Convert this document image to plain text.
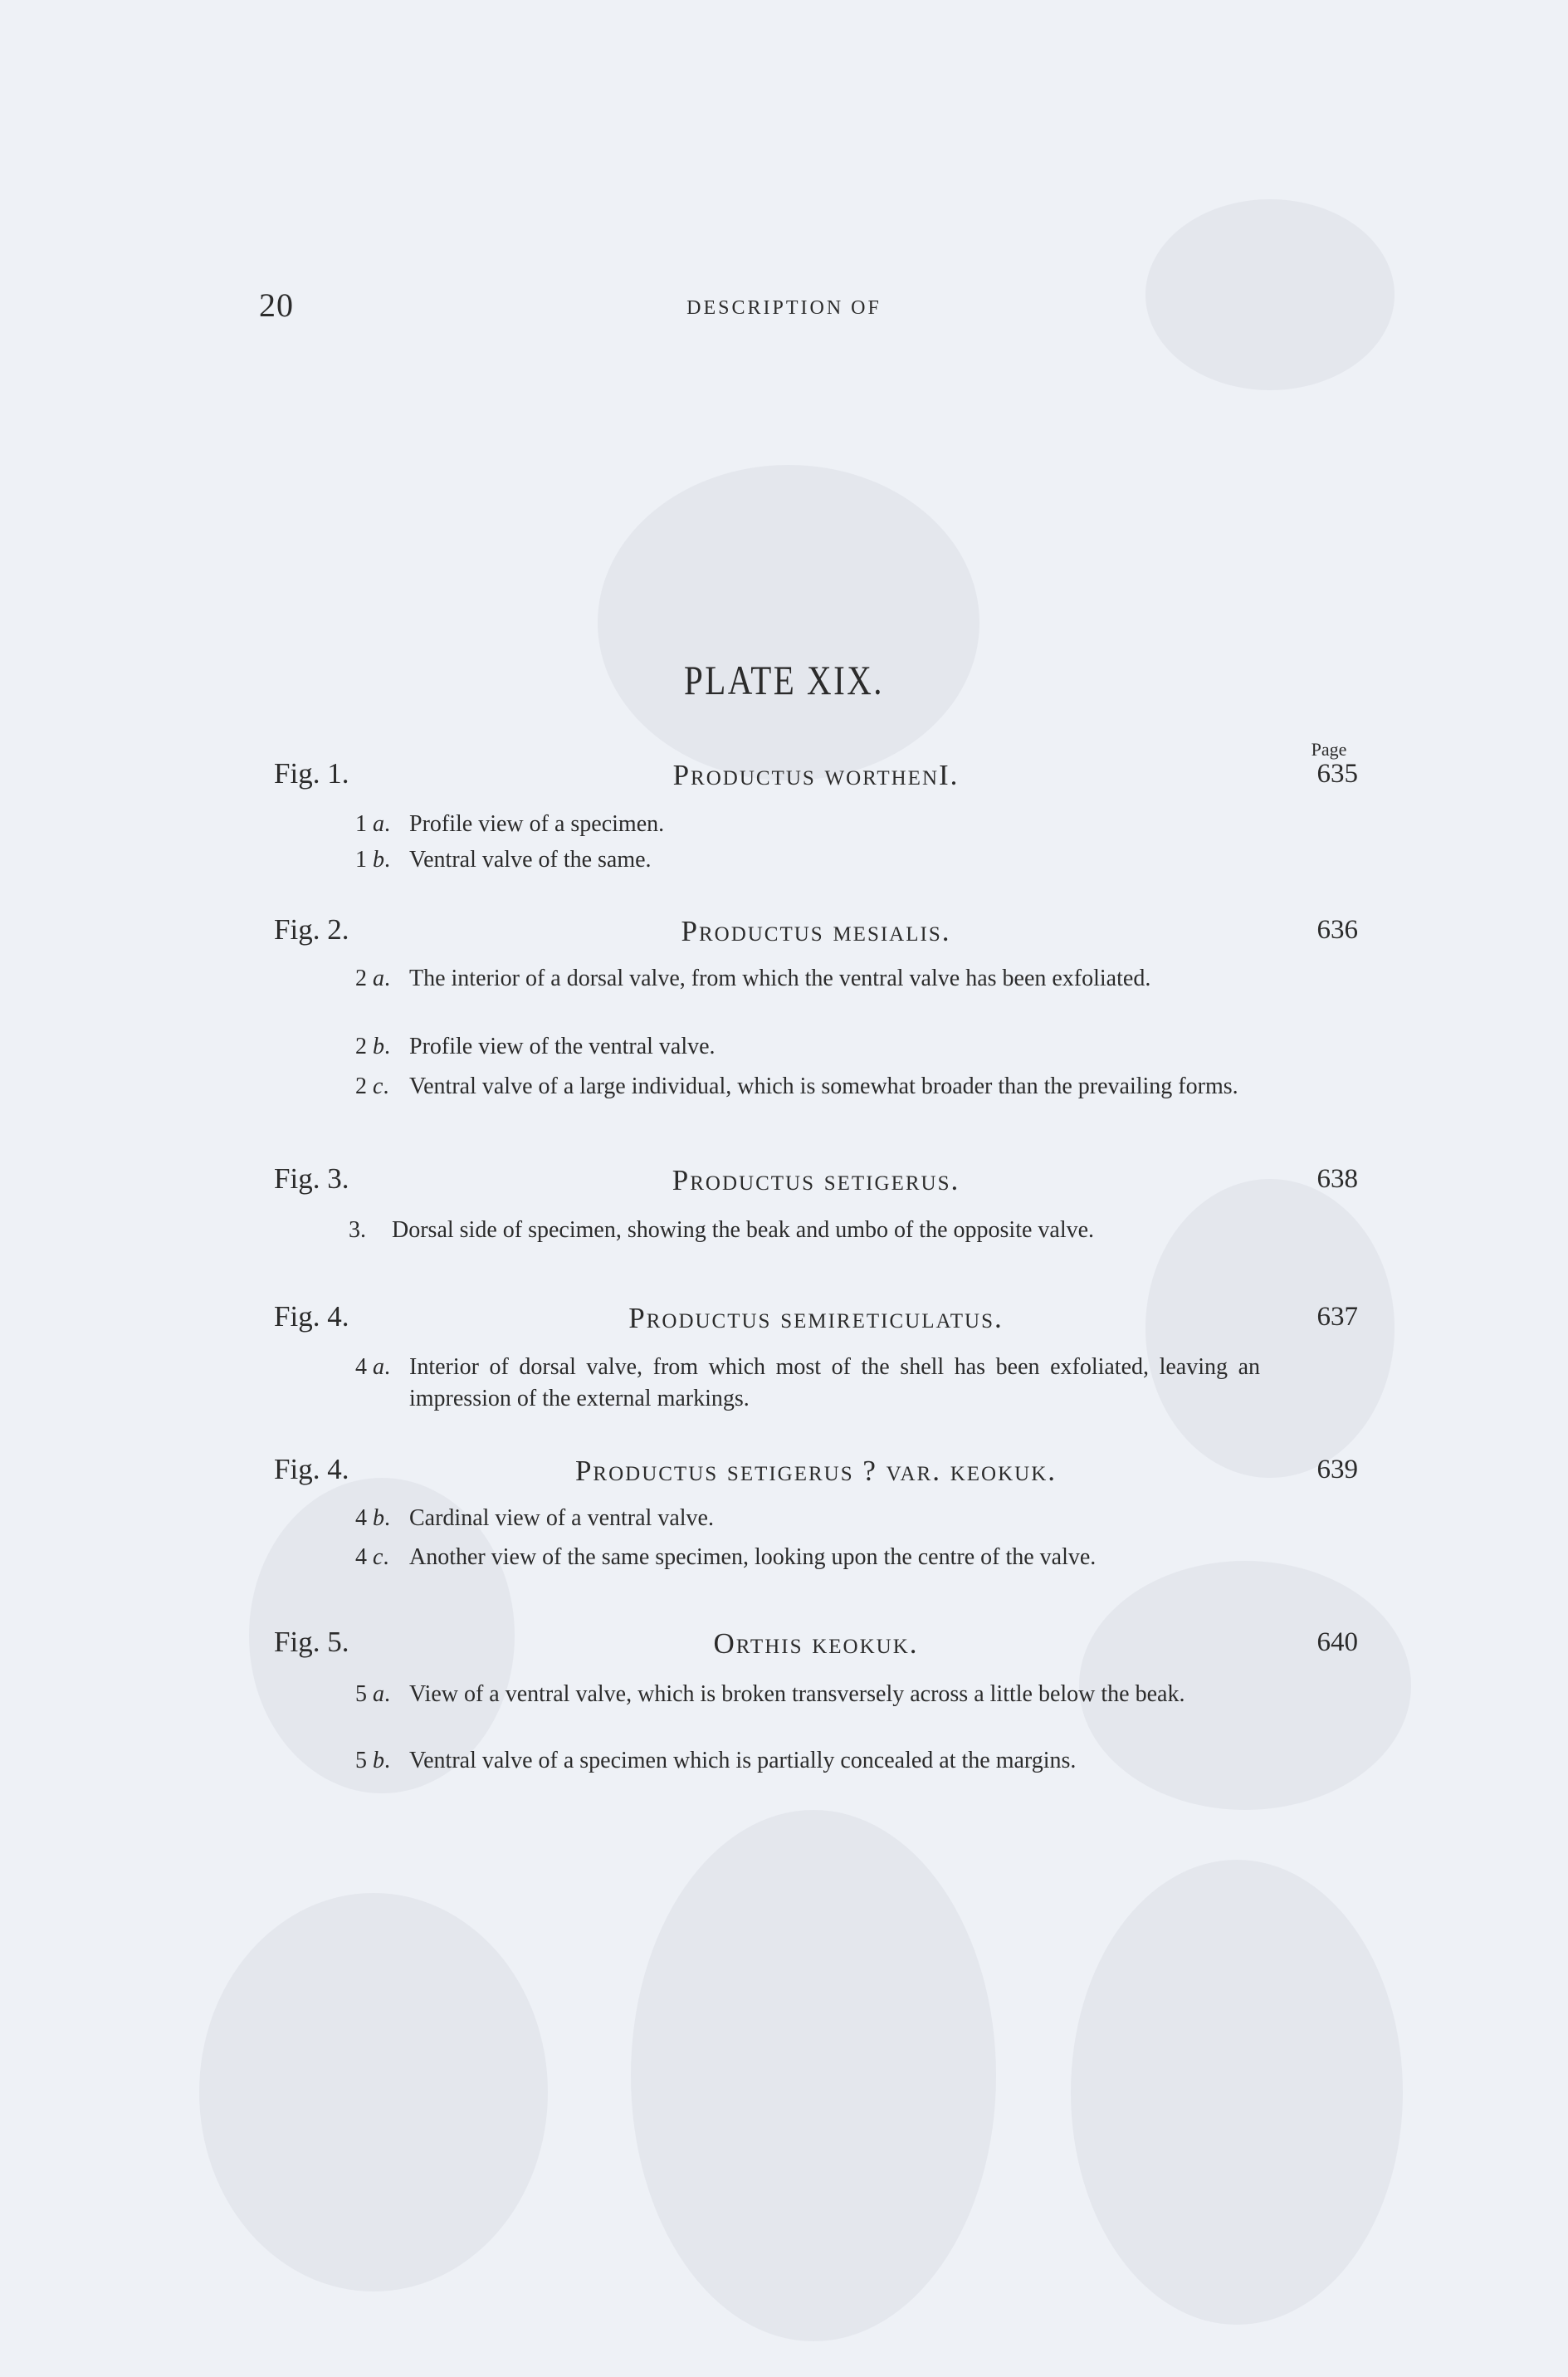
20	DESCRIPTION OF
PLATE XIX.
Page
Fig. 1.	Productus worthenI.	635
1 a. Profile view of a specimen.
1 b. Ventral valve of the same.
Fig. 2.	Productus mesialis.	636
2 a. The interior of a dorsal valve, from which the ventral valve has been exfoliated.
2 b. Profile view of the ventral valve.
2 c. Ventral valve of a large individual, which is somewhat broader than the prevailing forms.
Fig. 3.	Productus setigerus.	638
3.	Dorsal side of specimen, showing the beak and umbo of the opposite valve.
Fig. 4.	Productus semireticulatus.	637
4 a. Interior of dorsal valve, from which most of the shell has been exfoliated, leaving an impression of the external markings.
Fig. 4.	Productus setigerus ? var. keokuk.	639
4 b. Cardinal view of a ventral valve.
4 c. Another view of the same specimen, looking upon the centre of the valve.
Fig. 5.	Orthis keokuk.	640
5 a. View of a ventral valve, which is broken transversely across a little below the beak.
5 b. Ventral valve of a specimen which is partially concealed at the margins.
